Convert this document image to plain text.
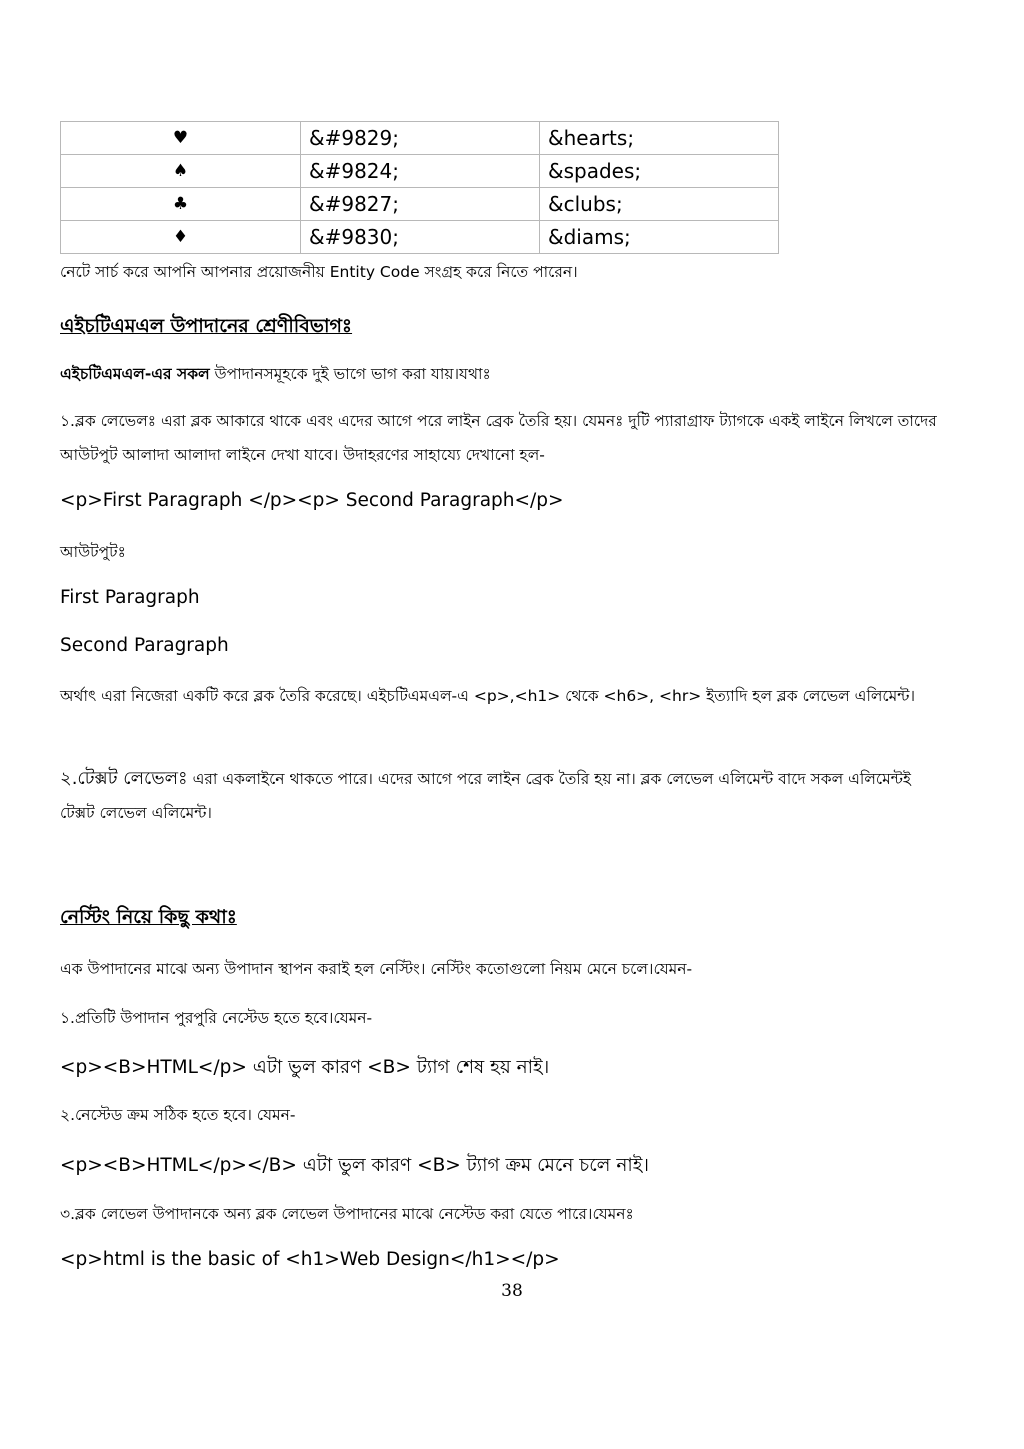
♥	&#9829;	&hearts;
♠	&#9824;	&spades;
♣	&#9827;	&clubs;
♦	&#9830;	&diams;

নেটে সার্চ করে আপনি আপনার প্রয়োজনীয় Entity Code সংগ্রহ করে নিতে পারেন।

এইচটিএমএল উপাদানের শ্রেণীবিভাগঃ

এইচটিএমএল-এর সকল উপাদানসমূহকে দুই ভাগে ভাগ করা যায়।যথাঃ

১.ব্লক লেভেলঃ এরা ব্লক আকারে থাকে এবং এদের আগে পরে লাইন ব্রেক তৈরি হয়। যেমনঃ দুটি প্যারাগ্রাফ ট্যাগকে একই লাইনে লিখলে তাদের আউটপুট আলাদা আলাদা লাইনে দেখা যাবে। উদাহরণের সাহায্যে দেখানো হল-

<p>First Paragraph </p><p> Second Paragraph</p>

আউটপুটঃ

First Paragraph

Second Paragraph

অর্থাৎ এরা নিজেরা একটি করে ব্লক তৈরি করেছে। এইচটিএমএল-এ <p>,<h1> থেকে <h6>, <hr> ইত্যাদি হল ব্লক লেভেল এলিমেন্ট।

২.টেক্সট লেভেলঃ এরা একলাইনে থাকতে পারে। এদের আগে পরে লাইন ব্রেক তৈরি হয় না। ব্লক লেভেল এলিমেন্ট বাদে সকল এলিমেন্টই টেক্সট লেভেল এলিমেন্ট।

নেস্টিং নিয়ে কিছু কথাঃ

এক উপাদানের মাঝে অন্য উপাদান স্থাপন করাই হল নেস্টিং। নেস্টিং কতোগুলো নিয়ম মেনে চলে।যেমন-

১.প্রতিটি উপাদান পুরপুরি নেস্টেড হতে হবে।যেমন-

<p><B>HTML</p> এটা ভুল কারণ <B> ট্যাগ শেষ হয় নাই।

২.নেস্টেড ক্রম সঠিক হতে হবে। যেমন-

<p><B>HTML</p></B> এটা ভুল কারণ <B> ট্যাগ ক্রম মেনে চলে নাই।

৩.ব্লক লেভেল উপাদানকে অন্য ব্লক লেভেল উপাদানের মাঝে নেস্টেড করা যেতে পারে।যেমনঃ

<p>html is the basic of <h1>Web Design</h1></p>

38
